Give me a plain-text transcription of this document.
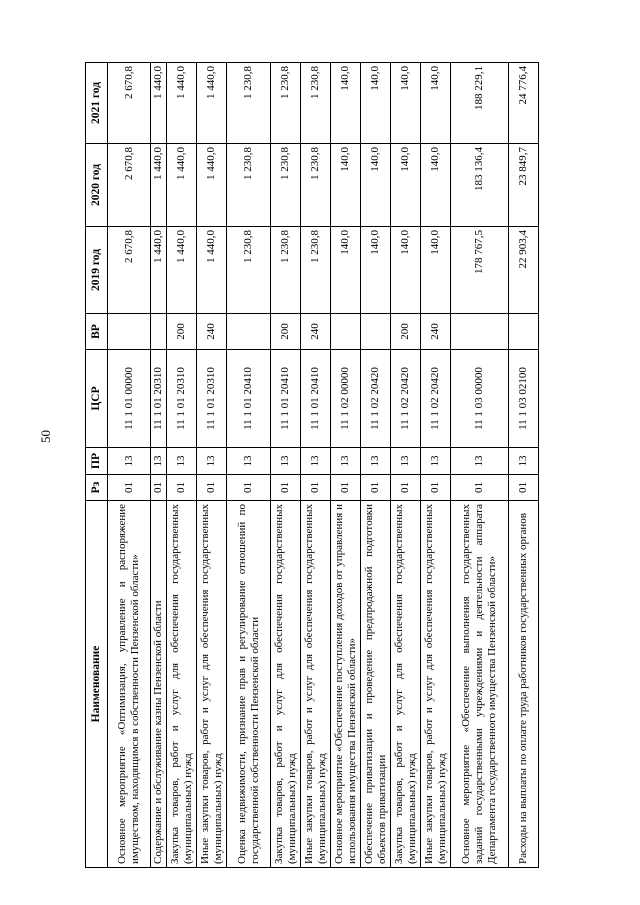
50
Наименование	Рз	ПР	ЦСР	ВР	2019 год	2020 год	2021 год
Основное мероприятие «Оптимизация, управление и распоряжение имуществом, находящимся в собственности Пензенской области»	01	13	11 1 01 00000		2 670,8	2 670,8	2 670,8
Содержание и обслуживание казны Пензенской области	01	13	11 1 01 20310		1 440,0	1 440,0	1 440,0
Закупка товаров, работ и услуг для обеспечения государственных (муниципальных) нужд	01	13	11 1 01 20310	200	1 440,0	1 440,0	1 440,0
Иные закупки товаров, работ и услуг для обеспечения государственных (муниципальных) нужд	01	13	11 1 01 20310	240	1 440,0	1 440,0	1 440,0
Оценка недвижимости, признание прав и регулирование отношений по государственной собственности Пензенской области	01	13	11 1 01 20410		1 230,8	1 230,8	1 230,8
Закупка товаров, работ и услуг для обеспечения государственных (муниципальных) нужд	01	13	11 1 01 20410	200	1 230,8	1 230,8	1 230,8
Иные закупки товаров, работ и услуг для обеспечения государственных (муниципальных) нужд	01	13	11 1 01 20410	240	1 230,8	1 230,8	1 230,8
Основное мероприятие «Обеспечение поступления доходов от управления и использования имущества Пензенской области»	01	13	11 1 02 00000		140,0	140,0	140,0
Обеспечение приватизации и проведение предпродажной подготовки объектов приватизации	01	13	11 1 02 20420		140,0	140,0	140,0
Закупка товаров, работ и услуг для обеспечения государственных (муниципальных) нужд	01	13	11 1 02 20420	200	140,0	140,0	140,0
Иные закупки товаров, работ и услуг для обеспечения государственных (муниципальных) нужд	01	13	11 1 02 20420	240	140,0	140,0	140,0
Основное мероприятие «Обеспечение выполнения государственных заданий государственными учреждениями и деятельности аппарата Департамента государственного имущества Пензенской области»	01	13	11 1 03 00000		178 767,5	183 136,4	188 229,1
Расходы на выплаты по оплате труда работников государственных органов	01	13	11 1 03 02100		22 903,4	23 849,7	24 776,4
